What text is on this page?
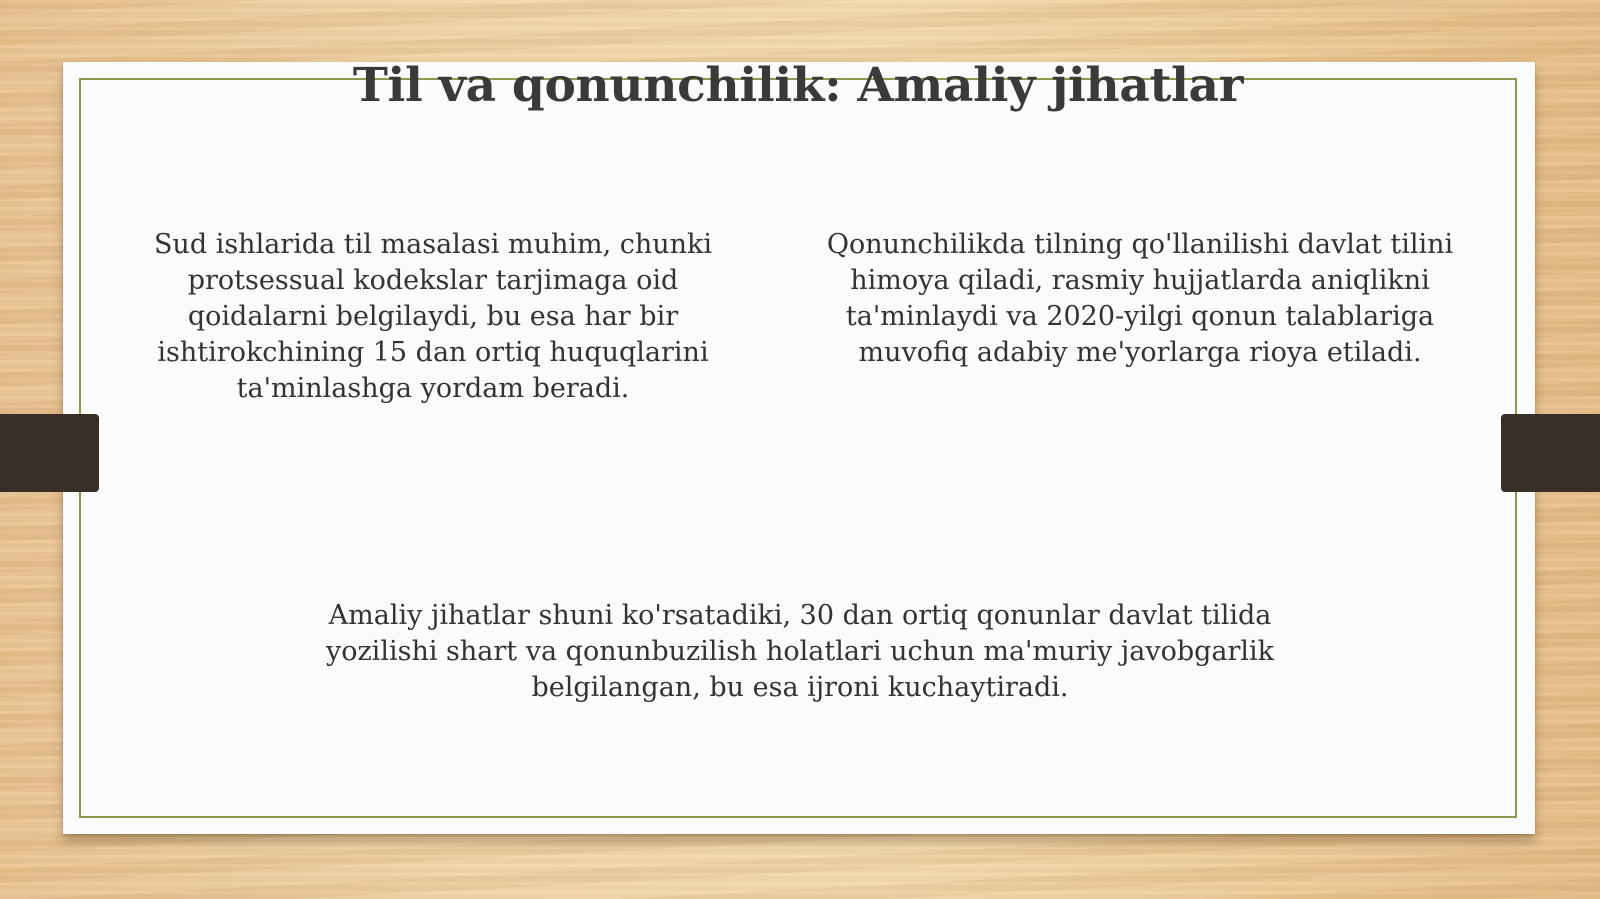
Til va qonunchilik: Amaliy jihatlar

Sud ishlarida til masalasi muhim, chunki protsessual kodekslar tarjimaga oid qoidalarni belgilaydi, bu esa har bir ishtirokchining 15 dan ortiq huquqlarini ta'minlashga yordam beradi.

Qonunchilikda tilning qo'llanilishi davlat tilini himoya qiladi, rasmiy hujjatlarda aniqlikni ta'minlaydi va 2020-yilgi qonun talablariga muvofiq adabiy me'yorlarga rioya etiladi.

Amaliy jihatlar shuni ko'rsatadiki, 30 dan ortiq qonunlar davlat tilida yozilishi shart va qonunbuzilish holatlari uchun ma'muriy javobgarlik belgilangan, bu esa ijroni kuchaytiradi.
